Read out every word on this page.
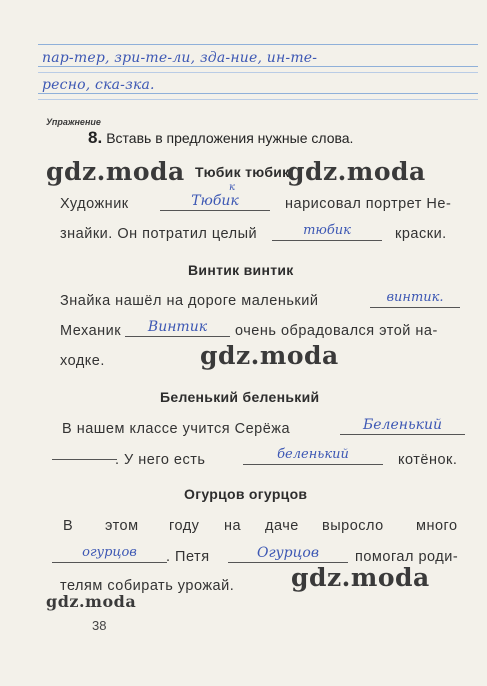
пар-тер, зри-те-ли, зда-ние, ин-те-
ресно, ска-зка.
Упражнение
8. Вставь в предложения нужные слова.
Тюбик тюбик
к
Художник	Тюбик	нарисовал портрет Не-
знайки. Он потратил целый	тюбик	краски.
Винтик винтик
Знайка нашёл на дороге маленький	винтик.
Механик	Винтик	очень обрадовался этой на-
ходке.
Беленький беленький
В нашем классе учится Серёжа	Беленький
. У него есть	беленький	котёнок.
Огурцов огурцов
В этом году на даче выросло много
огурцов	. Петя	Огурцов	помогал роди-
телям собирать урожай.
gdz.moda	gdz.moda
gdz.moda
gdz.moda
gdz.moda
38
